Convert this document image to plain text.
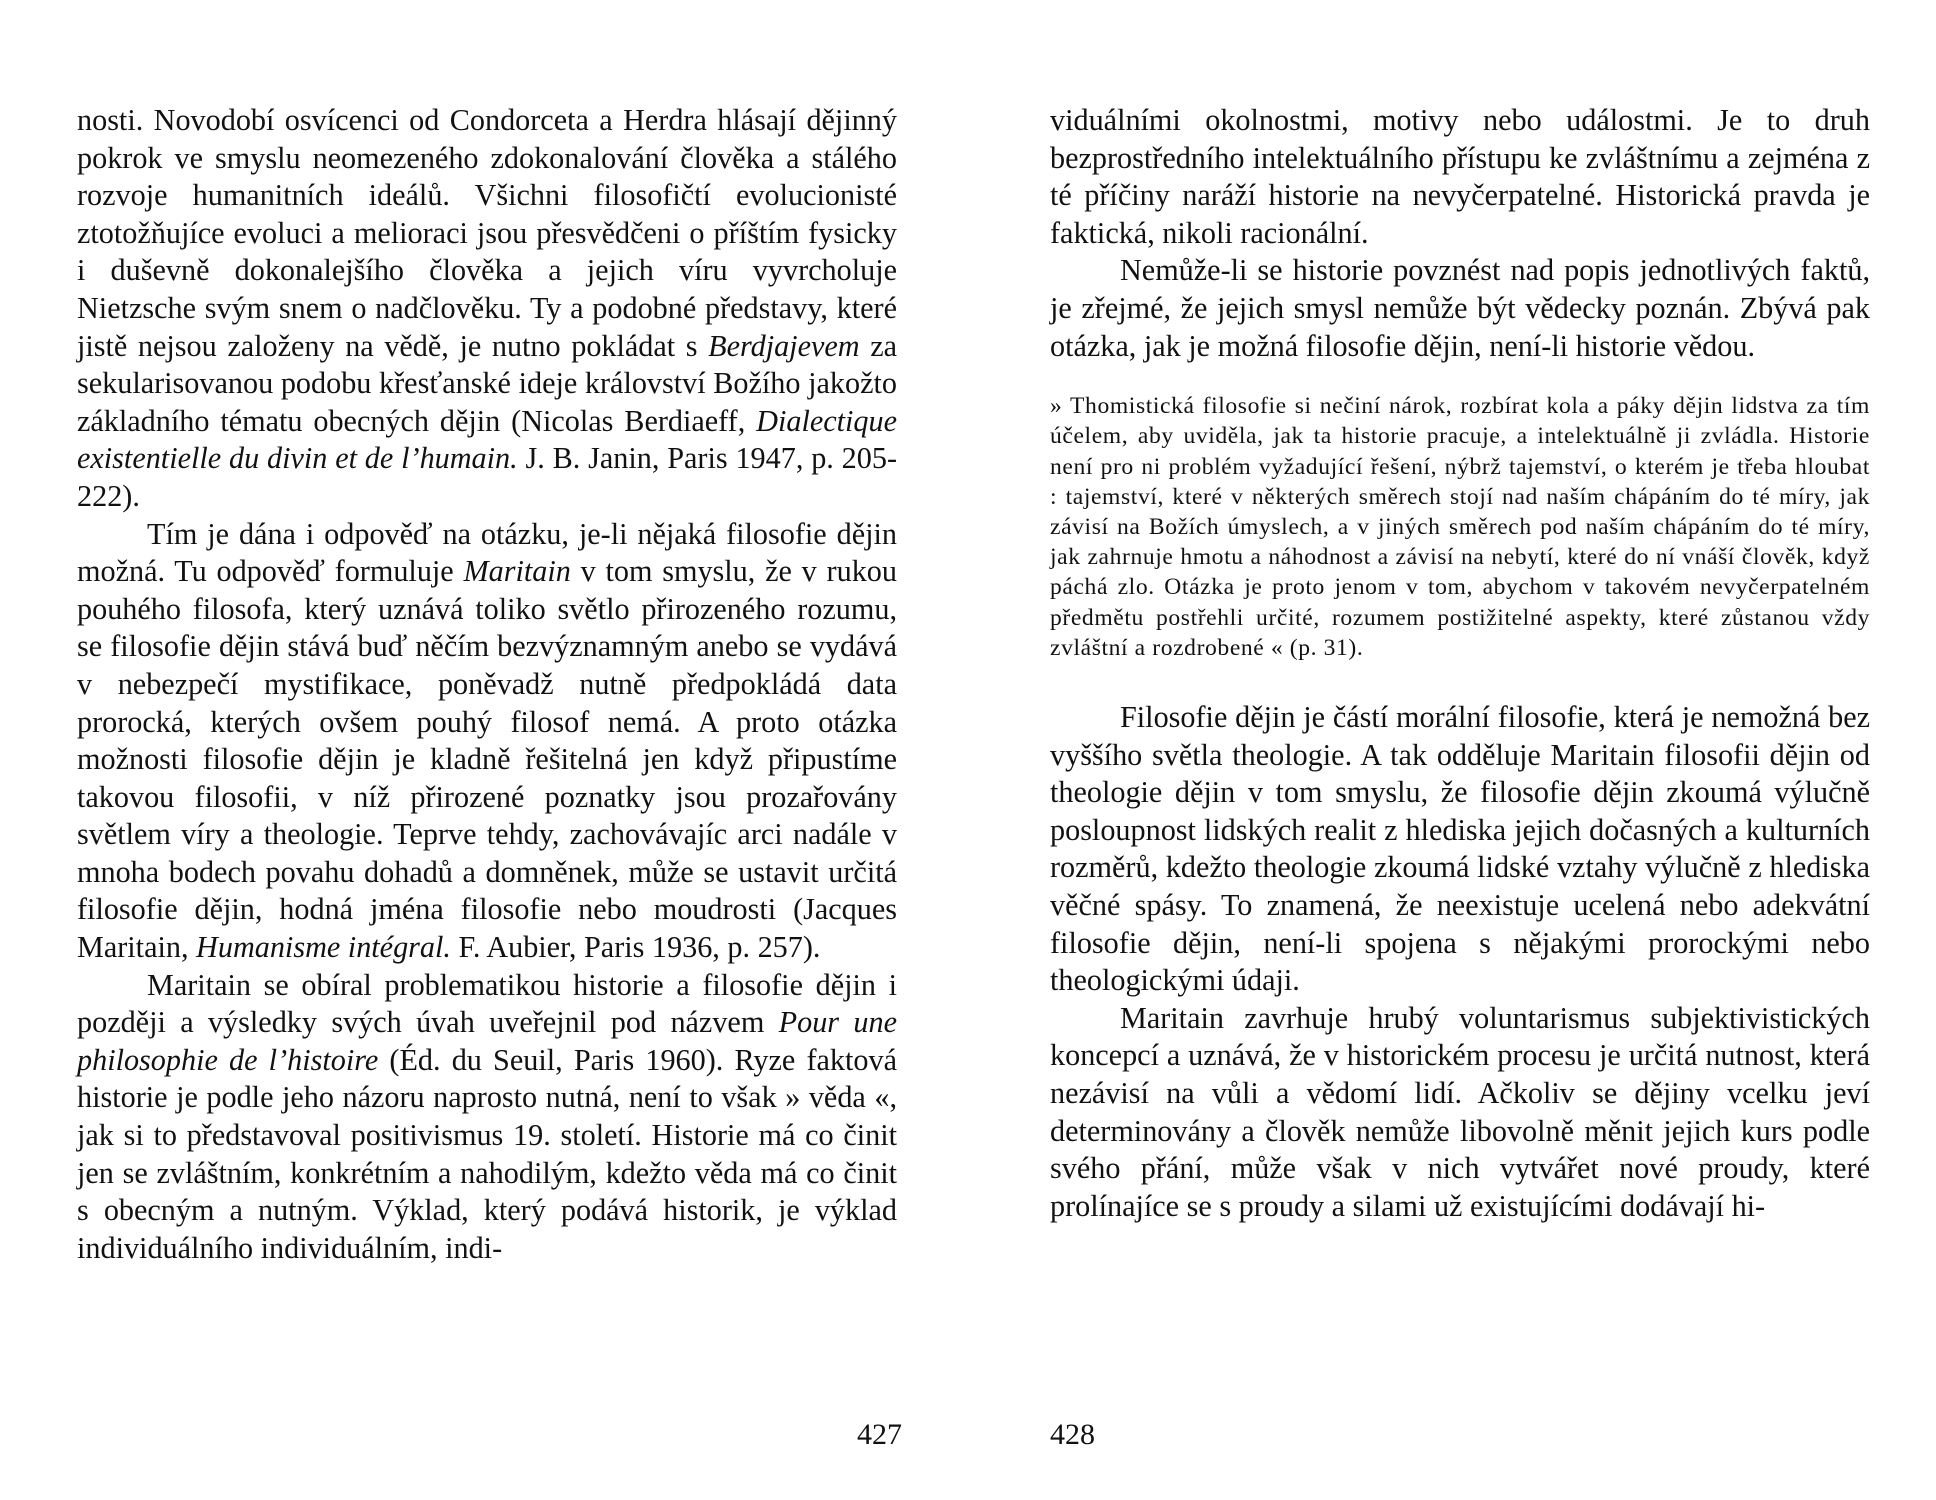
nosti. Novodobí osvícenci od Condorceta a Herdra hlásají dějinný pokrok ve smyslu neomezeného zdokonalování člověka a stálého rozvoje humanitních ideálů. Všichni filosofičtí evolucionisté ztotožňujíce evoluci a melioraci jsou přesvědčeni o příštím fysicky i duševně dokonalejšího člověka a jejich víru vyvrcholuje Nietzsche svým snem o nadčlověku. Ty a podobné představy, které jistě nejsou založeny na vědě, je nutno pokládat s Berdjajevem za sekularisovanou podobu křesťanské ideje království Božího jakožto základního tématu obecných dějin (Nicolas Berdiaeff, Dialectique existentielle du divin et de l’humain. J. B. Janin, Paris 1947, p. 205-222).

Tím je dána i odpověď na otázku, je-li nějaká filosofie dějin možná. Tu odpověď formuluje Maritain v tom smyslu, že v rukou pouhého filosofa, který uznává toliko světlo přirozeného rozumu, se filosofie dějin stává buď něčím bezvýznamným anebo se vydává v nebezpečí mystifikace, poněvadž nutně předpokládá data prorocká, kterých ovšem pouhý filosof nemá. A proto otázka možnosti filosofie dějin je kladně řešitelná jen když připustíme takovou filosofii, v níž přirozené poznatky jsou prozařovány světlem víry a theologie. Teprve tehdy, zachovávajíc arci nadále v mnoha bodech povahu dohadů a domněnek, může se ustavit určitá filosofie dějin, hodná jména filosofie nebo moudrosti (Jacques Maritain, Humanisme intégral. F. Aubier, Paris 1936, p. 257).

Maritain se obíral problematikou historie a filosofie dějin i později a výsledky svých úvah uveřejnil pod názvem Pour une philosophie de l’histoire (Éd. du Seuil, Paris 1960). Ryze faktová historie je podle jeho názoru naprosto nutná, není to však » věda «, jak si to představoval positivismus 19. století. Historie má co činit jen se zvláštním, konkrétním a nahodilým, kdežto věda má co činit s obecným a nutným. Výklad, který podává historik, je výklad individuálního individuálním, indi-

427

viduálními okolnostmi, motivy nebo událostmi. Je to druh bezprostředního intelektuálního přístupu ke zvláštnímu a zejména z té příčiny naráží historie na nevyčerpatelné. Historická pravda je faktická, nikoli racionální.

Nemůže-li se historie povznést nad popis jednotlivých faktů, je zřejmé, že jejich smysl nemůže být vědecky poznán. Zbývá pak otázka, jak je možná filosofie dějin, není-li historie vědou.

» Thomistická filosofie si nečiní nárok, rozbírat kola a páky dějin lidstva za tím účelem, aby uviděla, jak ta historie pracuje, a intelektuálně ji zvládla. Historie není pro ni problém vyžadující řešení, nýbrž tajemství, o kterém je třeba hloubat : tajemství, které v některých směrech stojí nad naším chápáním do té míry, jak závisí na Božích úmyslech, a v jiných směrech pod naším chápáním do té míry, jak zahrnuje hmotu a náhodnost a závisí na nebytí, které do ní vnáší člověk, když páchá zlo. Otázka je proto jenom v tom, abychom v takovém nevyčerpatelném předmětu postřehli určité, rozumem postižitelné aspekty, které zůstanou vždy zvláštní a rozdrobené « (p. 31).

Filosofie dějin je částí morální filosofie, která je nemožná bez vyššího světla theologie. A tak odděluje Maritain filosofii dějin od theologie dějin v tom smyslu, že filosofie dějin zkoumá výlučně posloupnost lidských realit z hlediska jejich dočasných a kulturních rozměrů, kdežto theologie zkoumá lidské vztahy výlučně z hlediska věčné spásy. To znamená, že neexistuje ucelená nebo adekvátní filosofie dějin, není-li spojena s nějakými prorockými nebo theologickými údaji.

Maritain zavrhuje hrubý voluntarismus subjektivistických koncepcí a uznává, že v historickém procesu je určitá nutnost, která nezávisí na vůli a vědomí lidí. Ačkoliv se dějiny vcelku jeví determinovány a člověk nemůže libovolně měnit jejich kurs podle svého přání, může však v nich vytvářet nové proudy, které prolínajíce se s proudy a silami už existujícími dodávají hi-

428
